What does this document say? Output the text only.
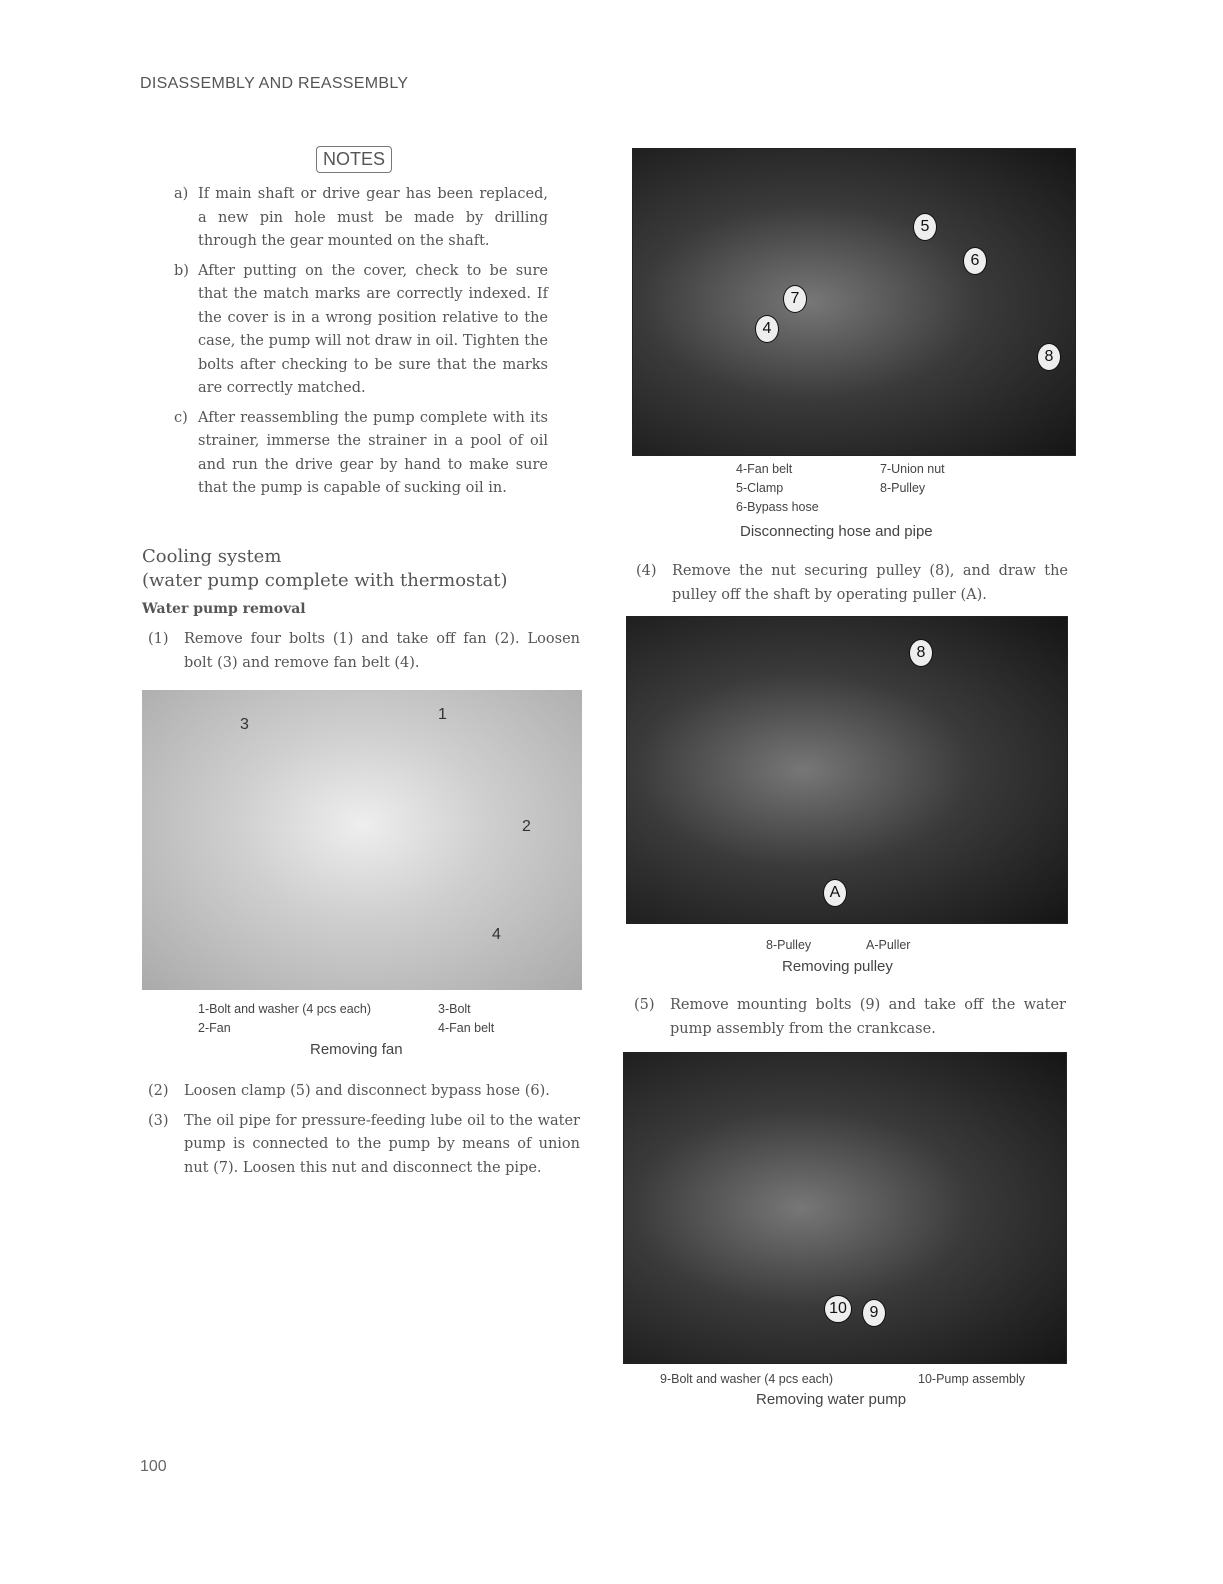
DISASSEMBLY AND REASSEMBLY
NOTES
a) If main shaft or drive gear has been replaced, a new pin hole must be made by drilling through the gear mounted on the shaft.
b) After putting on the cover, check to be sure that the match marks are correctly indexed. If the cover is in a wrong position relative to the case, the pump will not draw in oil. Tighten the bolts after checking to be sure that the marks are correctly matched.
c) After reassembling the pump complete with its strainer, immerse the strainer in a pool of oil and run the drive gear by hand to make sure that the pump is capable of sucking oil in.
Cooling system
(water pump complete with thermostat)
Water pump removal
(1)	Remove four bolts (1) and take off fan (2). Loosen bolt (3) and remove fan belt (4).
3
1
2
4
1-Bolt and washer (4 pcs each)	3-Bolt
2-Fan	4-Fan belt
Removing fan
(2)	Loosen clamp (5) and disconnect bypass hose (6).
(3)	The oil pipe for pressure-feeding lube oil to the water pump is connected to the pump by means of union nut (7). Loosen this nut and disconnect the pipe.
5
6
7
4
8
4-Fan belt	7-Union nut
5-Clamp	8-Pulley
6-Bypass hose
Disconnecting hose and pipe
(4)	Remove the nut securing pulley (8), and draw the pulley off the shaft by operating puller (A).
8
A
8-Pulley	A-Puller
Removing pulley
(5)	Remove mounting bolts (9) and take off the water pump assembly from the crankcase.
10	9
9-Bolt and washer (4 pcs each)	10-Pump assembly
Removing water pump
100
